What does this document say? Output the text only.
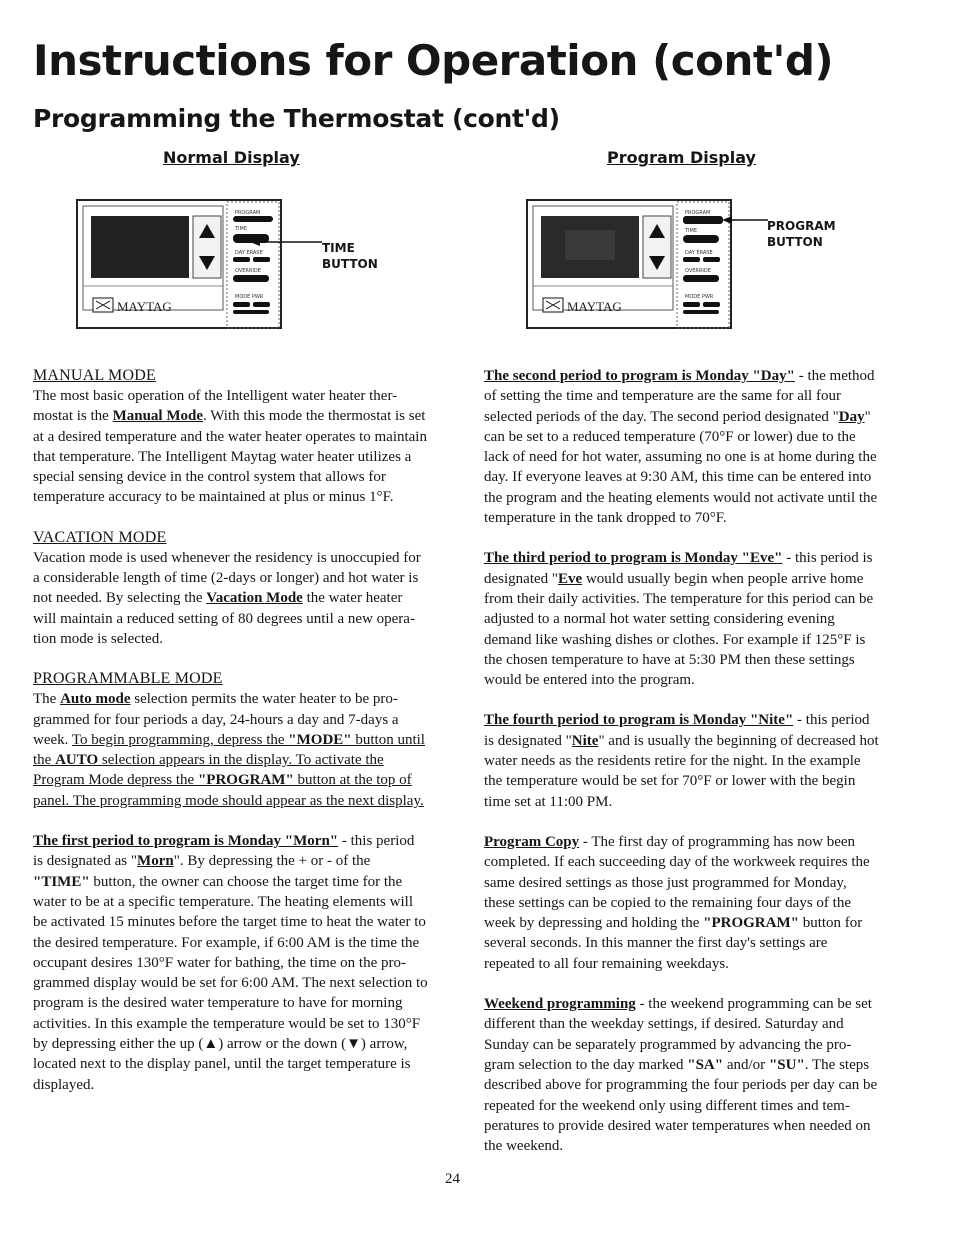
Instructions for Operation (cont'd)
Programming the Thermostat (cont'd)
Normal Display	Program Display
MAYTAG
PROGRAM
TIME
DAY ERASE
OVERRIDE
MODE PWR
TIME
BUTTON
MAYTAG
PROGRAM
TIME
DAY ERASE
OVERRIDE
MODE PWR
PROGRAM
BUTTON
MANUAL MODE

The most basic operation of the Intelligent water heater ther-mostat is the Manual Mode. With this mode the thermostat is set at a desired temperature and the water heater operates to maintain that temperature. The Intelligent Maytag water heater utilizes a special sensing device in the control system that allows for temperature accuracy to be maintained at plus or minus 1°F.

VACATION MODE

Vacation mode is used whenever the residency is unoccupied for a considerable length of time (2-days or longer) and hot water is not needed. By selecting the Vacation Mode the water heater will maintain a reduced setting of 80 degrees until a new opera-tion mode is selected.

PROGRAMMABLE MODE

The Auto mode selection permits the water heater to be pro-grammed for four periods a day, 24-hours a day and 7-days a week. To begin programming, depress the "MODE" button until the AUTO selection appears in the display. To activate the Program Mode depress the "PROGRAM" button at the top of panel. The programming mode should appear as the next display.

The first period to program is Monday "Morn" - this period is designated as "Morn". By depressing the + or - of the "TIME" button, the owner can choose the target time for the water to be at a specific temperature. The heating elements will be activated 15 minutes before the target time to heat the water to the desired temperature. For example, if 6:00 AM is the time the occupant desires 130°F water for bathing, the time on the pro-grammed display would be set for 6:00 AM. The next selection to program is the desired water temperature to have for morning activities. In this example the temperature would be set to 130°F by depressing either the up (▲) arrow or the down (▼) arrow, located next to the display panel, until the target temperature is displayed.

The second period to program is Monday "Day" - the method of setting the time and temperature are the same for all four selected periods of the day. The second period designated "Day" can be set to a reduced temperature (70°F or lower) due to the lack of need for hot water, assuming no one is at home during the day. If everyone leaves at 9:30 AM, this time can be entered into the program and the heating elements would not activate until the temperature in the tank dropped to 70°F.

The third period to program is Monday "Eve" - this period is designated "Eve would usually begin when people arrive home from their daily activities. The temperature for this period can be adjusted to a normal hot water setting considering evening demand like washing dishes or clothes. For example if 125°F is the chosen temperature to have at 5:30 PM then these settings would be entered into the program.

The fourth period to program is Monday "Nite" - this period is designated "Nite" and is usually the beginning of decreased hot water needs as the residents retire for the night. In the example the temperature would be set for 70°F or lower with the begin time set at 11:00 PM.

Program Copy - The first day of programming has now been completed. If each succeeding day of the workweek requires the same desired settings as those just programmed for Monday, these settings can be copied to the remaining four days of the week by depressing and holding the "PROGRAM" button for several seconds. In this manner the first day's settings are repeated to all four remaining weekdays.

Weekend programming - the weekend programming can be set different than the weekday settings, if desired. Saturday and Sunday can be separately programmed by advancing the pro-gram selection to the day marked "SA" and/or "SU". The steps described above for programming the four periods per day can be repeated for the weekend only using different times and tem-peratures to provide desired water temperatures when needed on the weekend.

24
